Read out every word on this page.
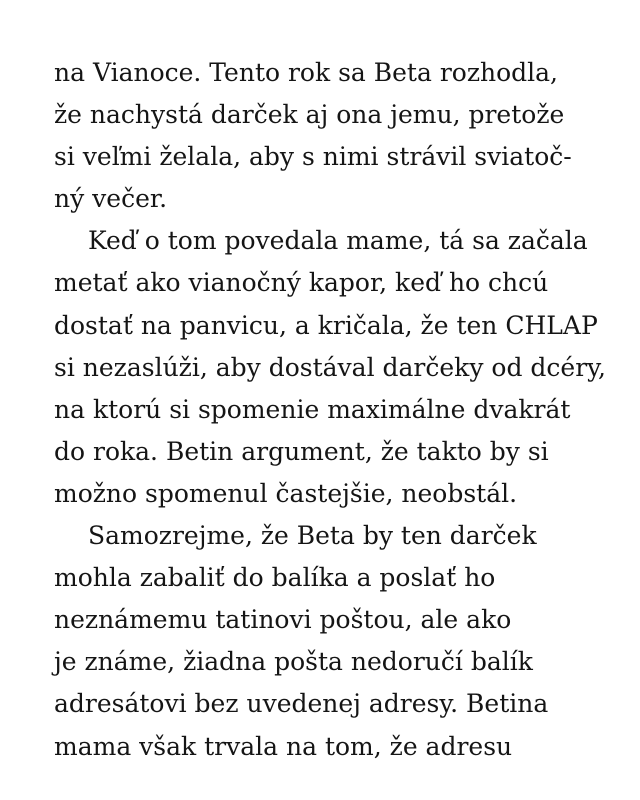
na Vianoce. Tento rok sa Beta rozhodla,
že nachystá darček aj ona jemu, pretože
si veľmi želala, aby s nimi strávil sviatoč-
ný večer.
Keď o tom povedala mame, tá sa začala
metať ako vianočný kapor, keď ho chcú
dostať na panvicu, a kričala, že ten CHLAP
si nezaslúži, aby dostával darčeky od dcéry,
na ktorú si spomenie maximálne dvakrát
do roka. Betin argument, že takto by si
možno spomenul častejšie, neobstál.
Samozrejme, že Beta by ten darček
mohla zabaliť do balíka a poslať ho
neznámemu tatinovi poštou, ale ako
je známe, žiadna pošta nedoručí balík
adresátovi bez uvedenej adresy. Betina
mama však trvala na tom, že adresu
